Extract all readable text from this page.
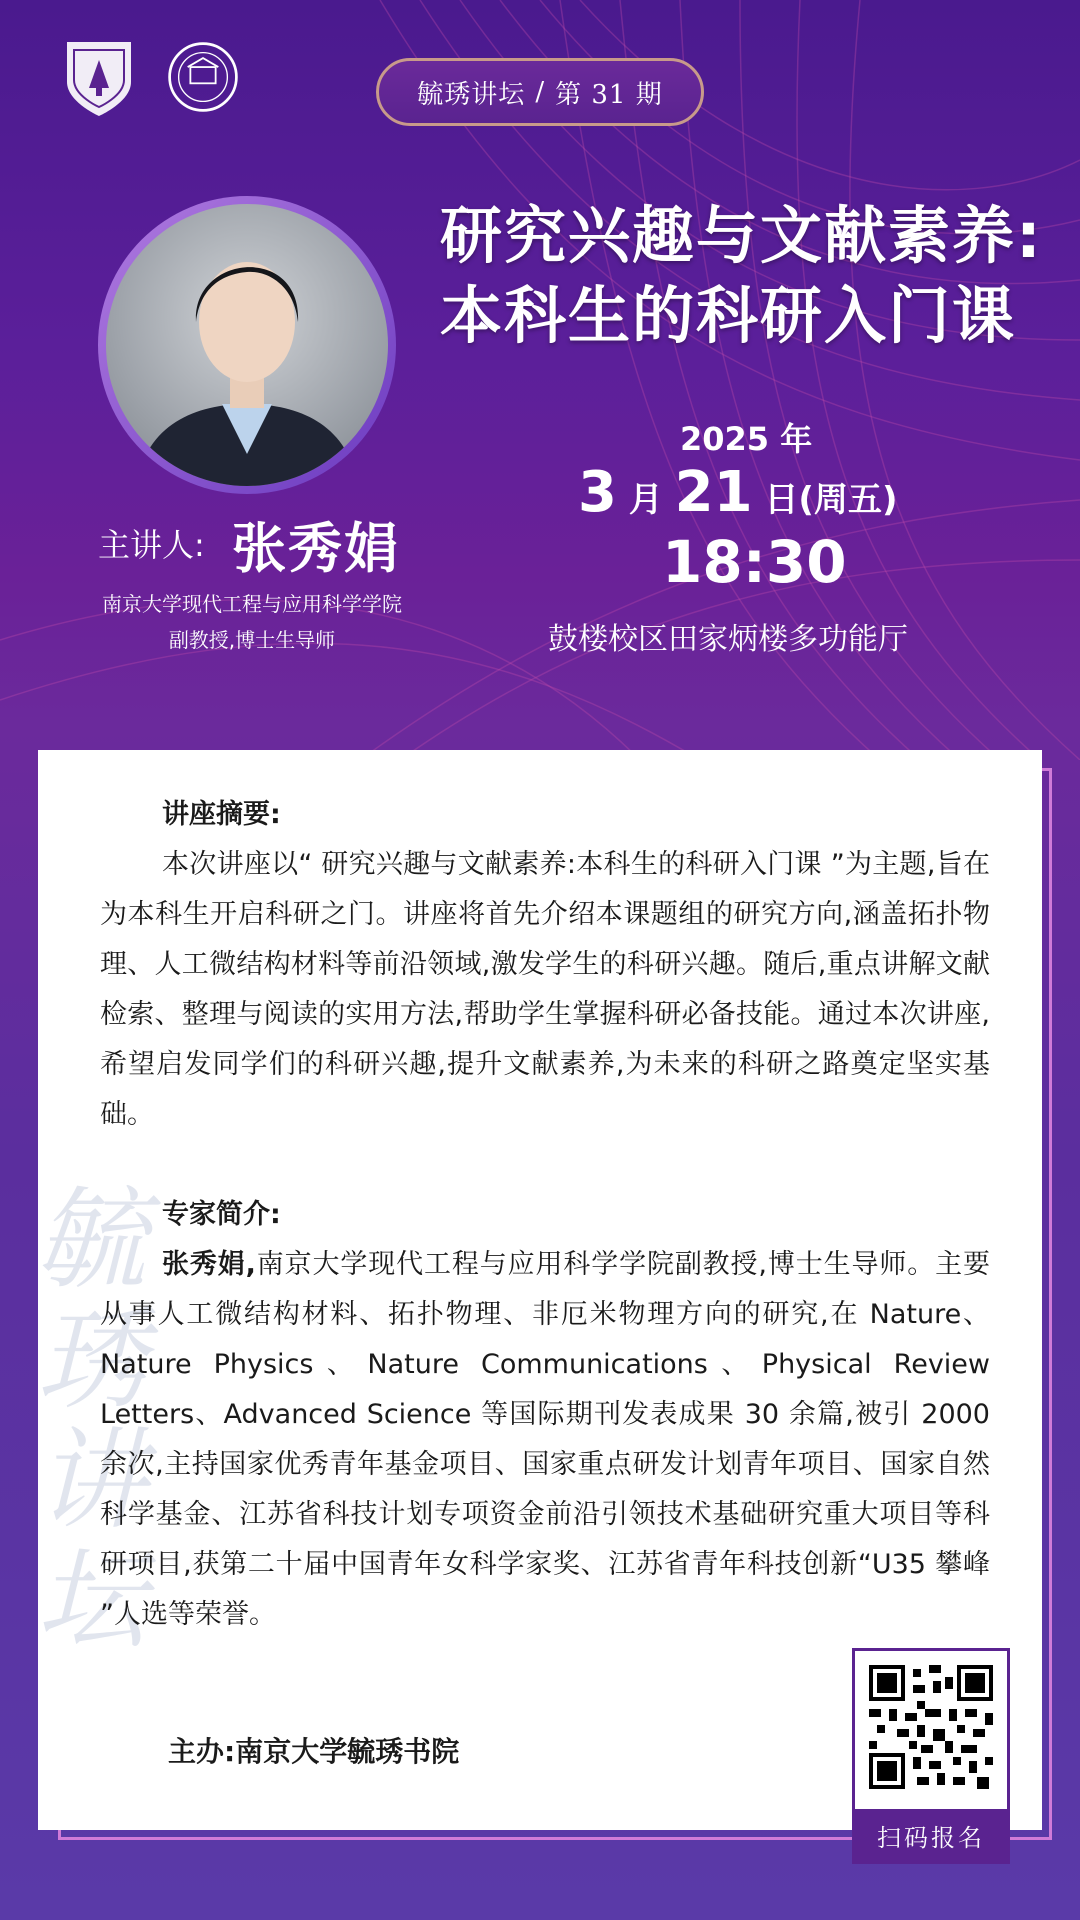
毓琇讲坛 / 第 31 期
研究兴趣与文献素养:
本科生的科研入门课
2025 年
3 月 21 日(周五)
18:30
鼓楼校区田家炳楼多功能厅
主讲人: 张秀娟
南京大学现代工程与应用科学学院
副教授,博士生导师
毓琇讲坛
讲座摘要:
本次讲座以“ 研究兴趣与文献素养:本科生的科研入门课 ”为主题,旨在为本科生开启科研之门。讲座将首先介绍本课题组的研究方向,涵盖拓扑物理、人工微结构材料等前沿领域,激发学生的科研兴趣。随后,重点讲解文献检索、整理与阅读的实用方法,帮助学生掌握科研必备技能。通过本次讲座,希望启发同学们的科研兴趣,提升文献素养,为未来的科研之路奠定坚实基础。
专家简介:
张秀娟,南京大学现代工程与应用科学学院副教授,博士生导师。主要从事人工微结构材料、拓扑物理、非厄米物理方向的研究,在 Nature、Nature Physics、Nature Communications、Physical Review Letters、Advanced Science 等国际期刊发表成果 30 余篇,被引 2000 余次,主持国家优秀青年基金项目、国家重点研发计划青年项目、国家自然科学基金、江苏省科技计划专项资金前沿引领技术基础研究重大项目等科研项目,获第二十届中国青年女科学家奖、江苏省青年科技创新“U35 攀峰 ”人选等荣誉。
主办:南京大学毓琇书院
扫码报名
